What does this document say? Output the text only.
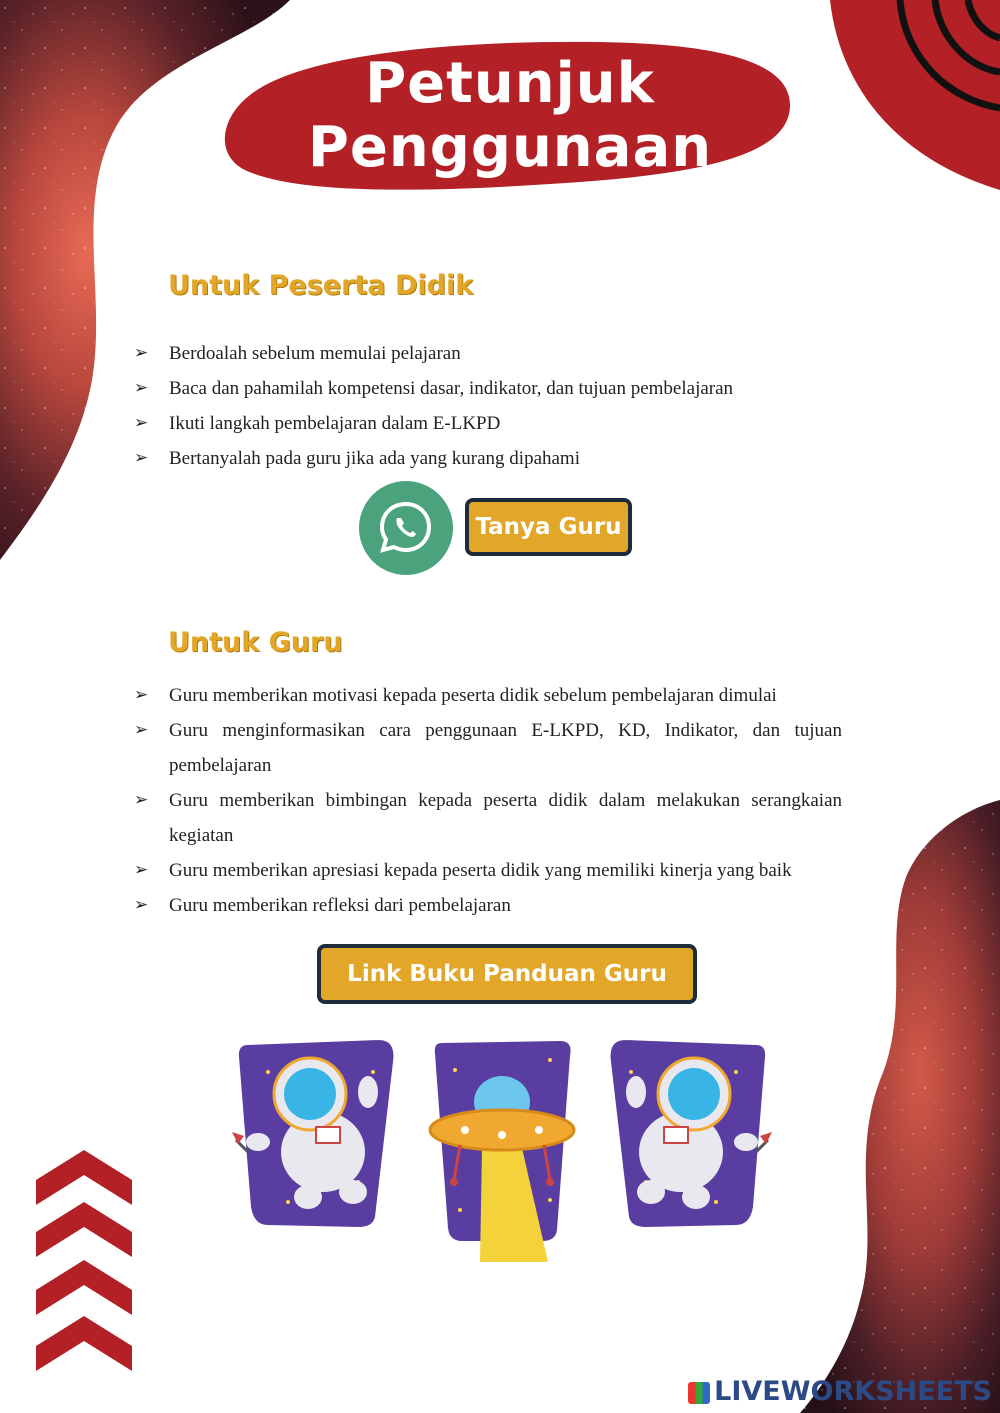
Petunjuk
Penggunaan
Untuk Peserta Didik
➢ Berdoalah sebelum memulai pelajaran
➢ Baca dan pahamilah kompetensi dasar, indikator, dan tujuan pembelajaran
➢ Ikuti langkah pembelajaran dalam E-LKPD
➢ Bertanyalah pada guru jika ada yang kurang dipahami
Tanya Guru
Untuk Guru
➢ Guru memberikan motivasi kepada peserta didik sebelum pembelajaran dimulai
➢ Guru menginformasikan cara penggunaan E-LKPD, KD, Indikator, dan tujuan pembelajaran
➢ Guru memberikan bimbingan kepada peserta didik dalam melakukan serangkaian kegiatan
➢ Guru memberikan apresiasi kepada peserta didik yang memiliki kinerja yang baik
➢ Guru memberikan refleksi dari pembelajaran
Link Buku Panduan Guru
LIVEWORKSHEETS
